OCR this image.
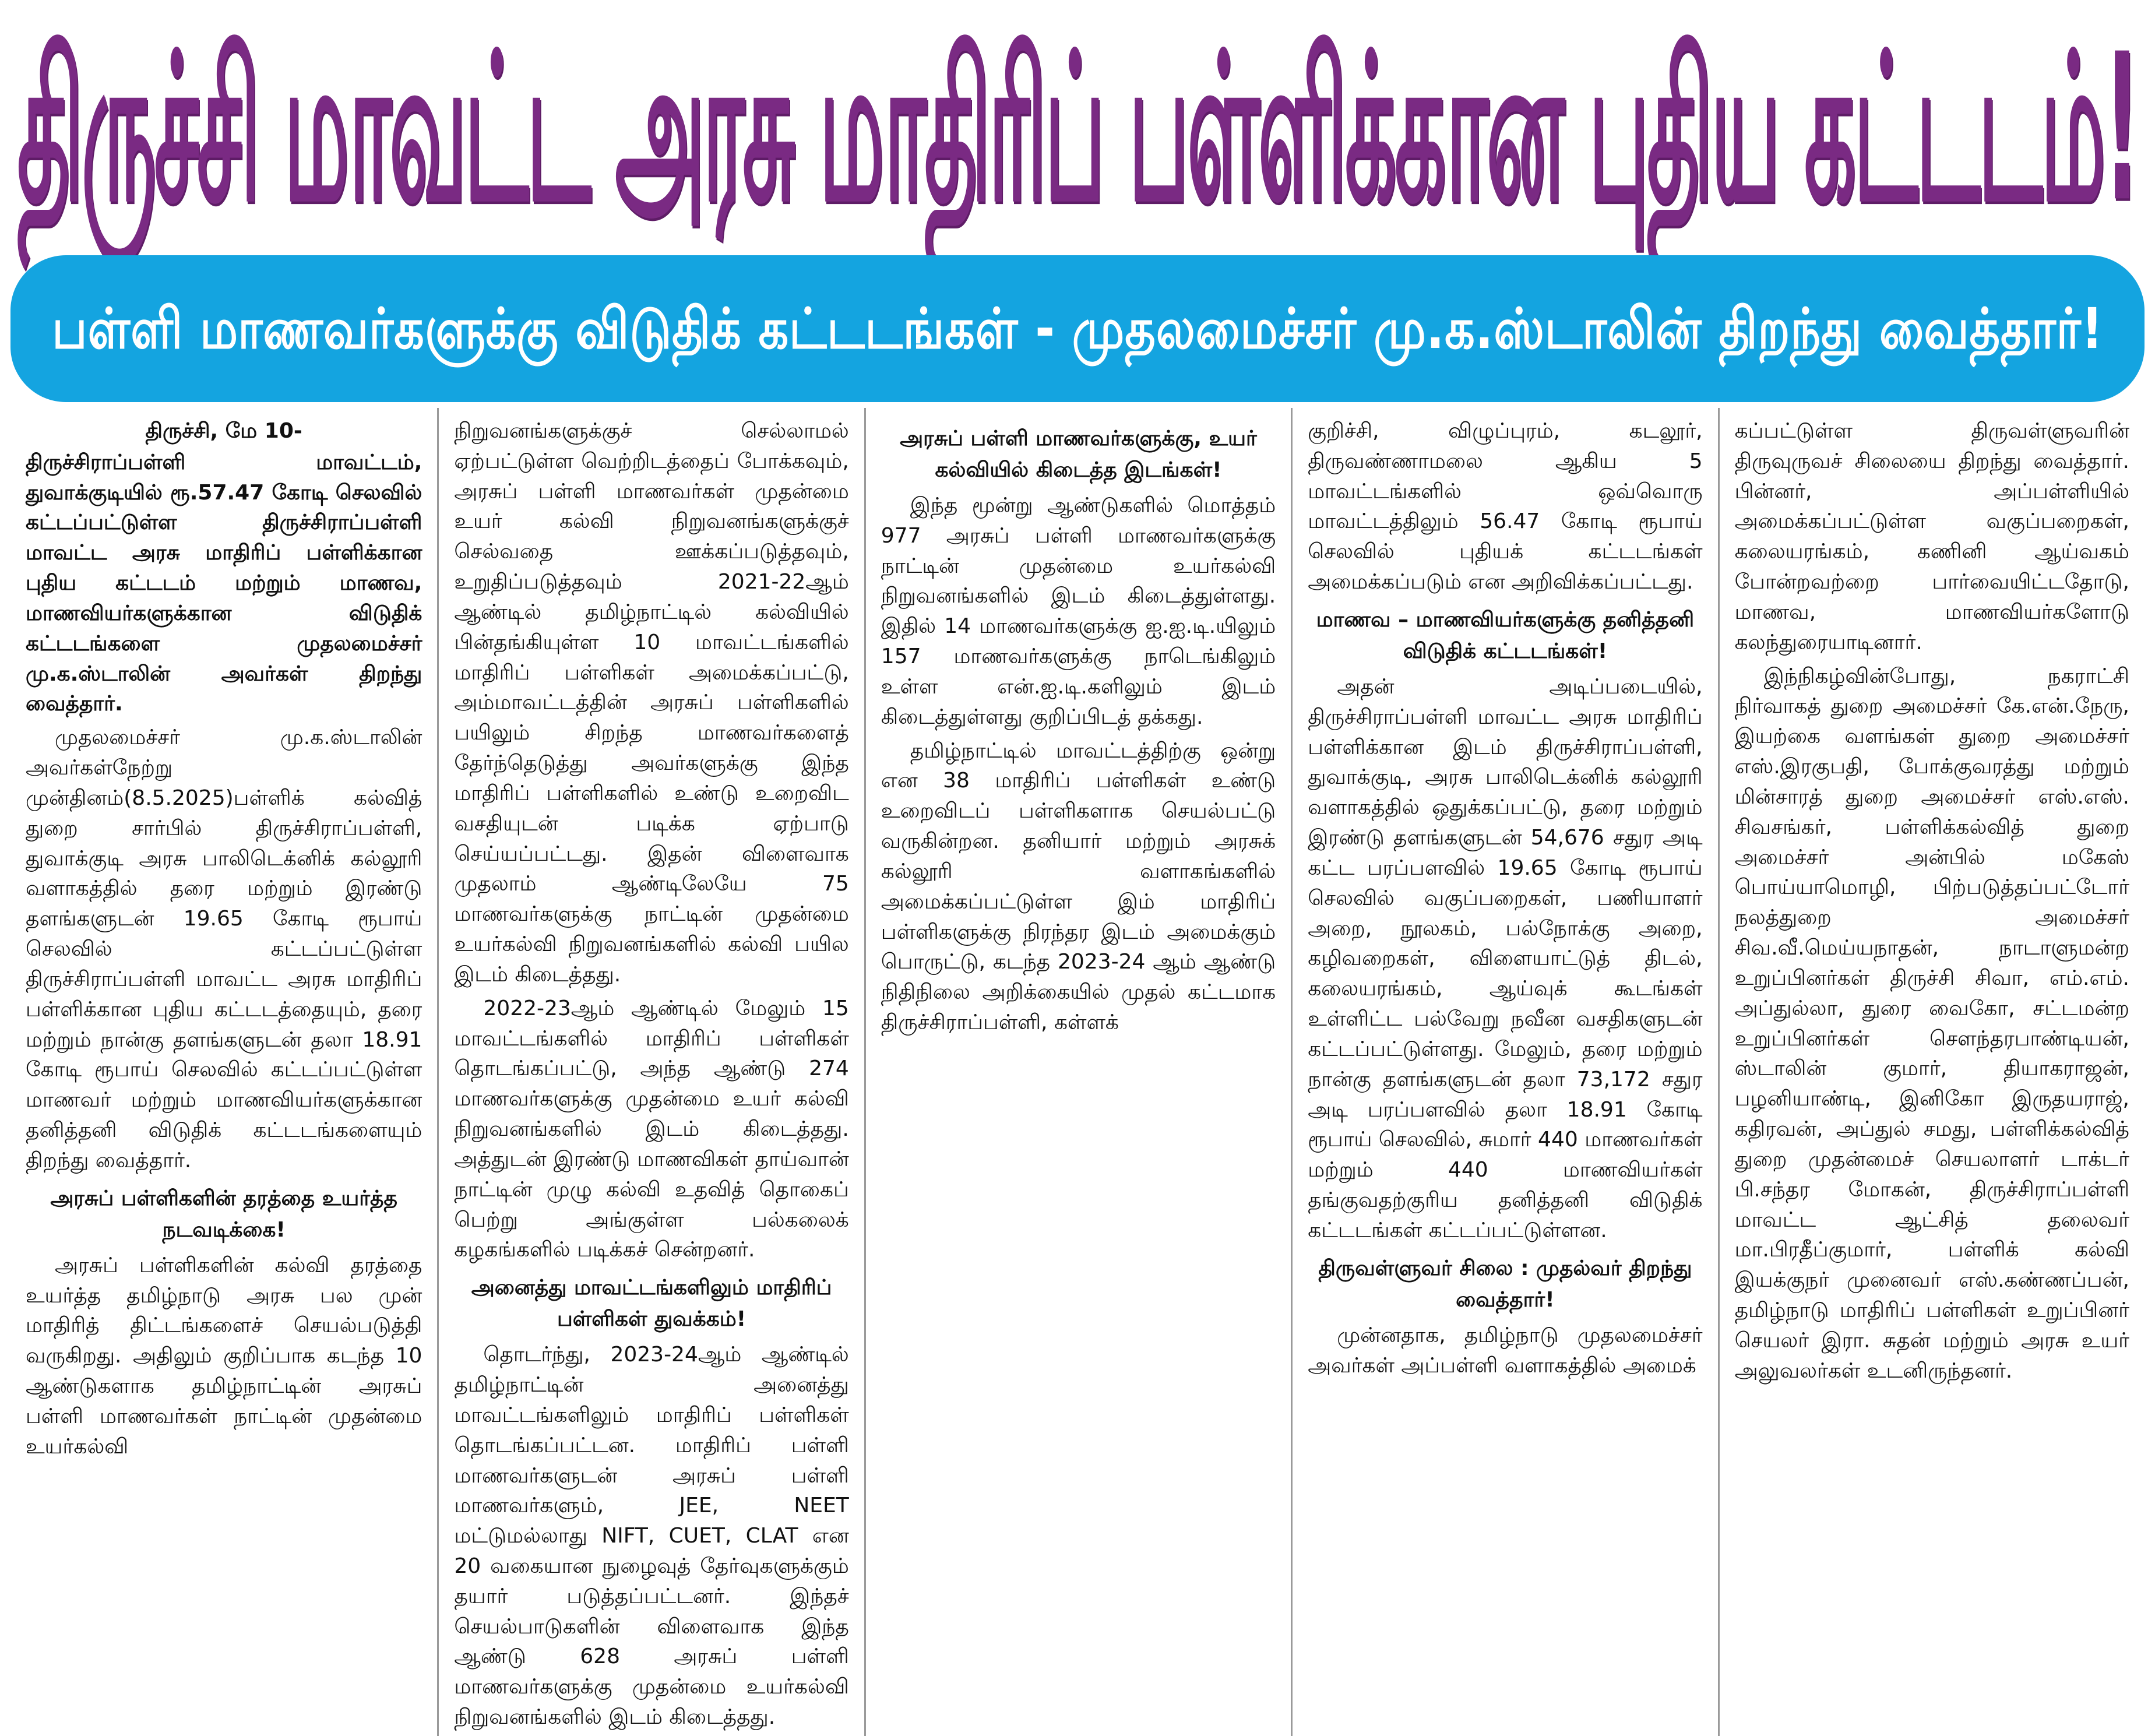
திருச்சி மாவட்ட அரசு மாதிரிப் பள்ளிக்கான புதிய கட்டடம்!
பள்ளி மாணவர்களுக்கு விடுதிக் கட்டடங்கள் - முதலமைச்சர் மு.க.ஸ்டாலின் திறந்து வைத்தார்!
திருச்சி, மே 10-

திருச்சிராப்பள்ளி மாவட்டம், துவாக்குடியில் ரூ.57.47 கோடி செலவில் கட்டப்பட்டுள்ள திருச்சிராப்பள்ளி மாவட்ட அரசு மாதிரிப் பள்ளிக்கான புதிய கட்டடம் மற்றும் மாணவ, மாணவியர்களுக்கான விடுதிக் கட்டடங்களை முதலமைச்சர் மு.க.ஸ்டாலின் அவர்கள் திறந்து வைத்தார்.

முதலமைச்சர் மு.க.ஸ்டாலின் அவர்கள்நேற்று முன்தினம்(8.5.2025)பள்ளிக் கல்வித் துறை சார்பில் திருச்சிராப்பள்ளி, துவாக்குடி அரசு பாலிடெக்னிக் கல்லூரி வளாகத்தில் தரை மற்றும் இரண்டு தளங்களுடன் 19.65 கோடி ரூபாய் செலவில் கட்டப்பட்டுள்ள திருச்சிராப்பள்ளி மாவட்ட அரசு மாதிரிப் பள்ளிக்கான புதிய கட்டடத்தையும், தரை மற்றும் நான்கு தளங்களுடன் தலா 18.91 கோடி ரூபாய் செலவில் கட்டப்பட்டுள்ள மாணவர் மற்றும் மாணவியர்களுக்கான தனித்தனி விடுதிக் கட்டடங்களையும் திறந்து வைத்தார்.

அரசுப் பள்ளிகளின் தரத்தை உயர்த்த நடவடிக்கை!

அரசுப் பள்ளிகளின் கல்வி தரத்தை உயர்த்த தமிழ்நாடு அரசு பல முன் மாதிரித் திட்டங்களைச் செயல்படுத்தி வருகிறது. அதிலும் குறிப்பாக கடந்த 10 ஆண்டுகளாக தமிழ்நாட்டின் அரசுப் பள்ளி மாணவர்கள் நாட்டின் முதன்மை உயர்கல்வி

நிறுவனங்களுக்குச் செல்லாமல் ஏற்பட்டுள்ள வெற்றிடத்தைப் போக்கவும், அரசுப் பள்ளி மாணவர்கள் முதன்மை உயர் கல்வி நிறுவனங்களுக்குச் செல்வதை ஊக்கப்படுத்தவும், உறுதிப்படுத்தவும் 2021-22ஆம் ஆண்டில் தமிழ்நாட்டில் கல்வியில் பின்தங்கியுள்ள 10 மாவட்டங்களில் மாதிரிப் பள்ளிகள் அமைக்கப்பட்டு, அம்மாவட்டத்தின் அரசுப் பள்ளிகளில் பயிலும் சிறந்த மாணவர்களைத் தேர்ந்தெடுத்து அவர்களுக்கு இந்த மாதிரிப் பள்ளிகளில் உண்டு உறைவிட வசதியுடன் படிக்க ஏற்பாடு செய்யப்பட்டது. இதன் விளைவாக முதலாம் ஆண்டிலேயே 75 மாணவர்களுக்கு நாட்டின் முதன்மை உயர்கல்வி நிறுவனங்களில் கல்வி பயில இடம் கிடைத்தது.

2022-23ஆம் ஆண்டில் மேலும் 15 மாவட்டங்களில் மாதிரிப் பள்ளிகள் தொடங்கப்பட்டு, அந்த ஆண்டு 274 மாணவர்களுக்கு முதன்மை உயர் கல்வி நிறுவனங்களில் இடம் கிடைத்தது. அத்துடன் இரண்டு மாணவிகள் தாய்வான் நாட்டின் முழு கல்வி உதவித் தொகைப் பெற்று அங்குள்ள பல்கலைக் கழகங்களில் படிக்கச் சென்றனர்.

அனைத்து மாவட்டங்களிலும் மாதிரிப் பள்ளிகள் துவக்கம்!

தொடர்ந்து, 2023-24ஆம் ஆண்டில் தமிழ்நாட்டின் அனைத்து மாவட்டங்களிலும் மாதிரிப் பள்ளிகள் தொடங்கப்பட்டன. மாதிரிப் பள்ளி மாணவர்களுடன் அரசுப் பள்ளி மாணவர்களும், JEE, NEET மட்டுமல்லாது NIFT, CUET, CLAT என 20 வகையான நுழைவுத் தேர்வுகளுக்கும் தயார் படுத்தப்பட்டனர். இந்தச் செயல்பாடுகளின் விளைவாக இந்த ஆண்டு 628 அரசுப் பள்ளி மாணவர்களுக்கு முதன்மை உயர்கல்வி நிறுவனங்களில் இடம் கிடைத்தது.

அரசுப் பள்ளி மாணவர்களுக்கு, உயர் கல்வியில் கிடைத்த இடங்கள்!

இந்த மூன்று ஆண்டுகளில் மொத்தம் 977 அரசுப் பள்ளி மாணவர்களுக்கு நாட்டின் முதன்மை உயர்கல்வி நிறுவனங்களில் இடம் கிடைத்துள்ளது. இதில் 14 மாணவர்களுக்கு ஐ.ஐ.டி.யிலும் 157 மாணவர்களுக்கு நாடெங்கிலும் உள்ள என்.ஐ.டி.களிலும் இடம் கிடைத்துள்ளது குறிப்பிடத் தக்கது.

தமிழ்நாட்டில் மாவட்டத்திற்கு ஒன்று என 38 மாதிரிப் பள்ளிகள் உண்டு உறைவிடப் பள்ளிகளாக செயல்பட்டு வருகின்றன. தனியார் மற்றும் அரசுக் கல்லூரி வளாகங்களில் அமைக்கப்பட்டுள்ள இம் மாதிரிப் பள்ளிகளுக்கு நிரந்தர இடம் அமைக்கும் பொருட்டு, கடந்த 2023-24 ஆம் ஆண்டு நிதிநிலை அறிக்கையில் முதல் கட்டமாக திருச்சிராப்பள்ளி, கள்ளக்

குறிச்சி, விழுப்புரம், கடலூர், திருவண்ணாமலை ஆகிய 5 மாவட்டங்களில் ஒவ்வொரு மாவட்டத்திலும் 56.47 கோடி ரூபாய் செலவில் புதியக் கட்டடங்கள் அமைக்கப்படும் என அறிவிக்கப்பட்டது.

மாணவ – மாணவியர்களுக்கு தனித்தனி விடுதிக் கட்டடங்கள்!

அதன் அடிப்படையில், திருச்சிராப்பள்ளி மாவட்ட அரசு மாதிரிப் பள்ளிக்கான இடம் திருச்சிராப்பள்ளி, துவாக்குடி, அரசு பாலிடெக்னிக் கல்லூரி வளாகத்தில் ஒதுக்கப்பட்டு, தரை மற்றும் இரண்டு தளங்களுடன் 54,676 சதுர அடி கட்ட பரப்பளவில் 19.65 கோடி ரூபாய் செலவில் வகுப்பறைகள், பணியாளர் அறை, நூலகம், பல்நோக்கு அறை, கழிவறைகள், விளையாட்டுத் திடல், கலையரங்கம், ஆய்வுக் கூடங்கள் உள்ளிட்ட பல்வேறு நவீன வசதிகளுடன் கட்டப்பட்டுள்ளது. மேலும், தரை மற்றும் நான்கு தளங்களுடன் தலா 73,172 சதுர அடி பரப்பளவில் தலா 18.91 கோடி ரூபாய் செலவில், சுமார் 440 மாணவர்கள் மற்றும் 440 மாணவியர்கள் தங்குவதற்குரிய தனித்தனி விடுதிக் கட்டடங்கள் கட்டப்பட்டுள்ளன.

திருவள்ளுவர் சிலை : முதல்வர் திறந்து வைத்தார்!

முன்னதாக, தமிழ்நாடு முதலமைச்சர் அவர்கள் அப்பள்ளி வளாகத்தில் அமைக்

கப்பட்டுள்ள திருவள்ளுவரின் திருவுருவச் சிலையை திறந்து வைத்தார். பின்னர், அப்பள்ளியில் அமைக்கப்பட்டுள்ள வகுப்பறைகள், கலையரங்கம், கணினி ஆய்வகம் போன்றவற்றை பார்வையிட்டதோடு, மாணவ, மாணவியர்களோடு கலந்துரையாடினார்.

இந்நிகழ்வின்போது, நகராட்சி நிர்வாகத் துறை அமைச்சர் கே.என்.நேரு, இயற்கை வளங்கள் துறை அமைச்சர் எஸ்.இரகுபதி, போக்குவரத்து மற்றும் மின்சாரத் துறை அமைச்சர் எஸ்.எஸ். சிவசங்கர், பள்ளிக்கல்வித் துறை அமைச்சர் அன்பில் மகேஸ் பொய்யாமொழி, பிற்படுத்தப்பட்டோர் நலத்துறை அமைச்சர் சிவ.வீ.மெய்யநாதன், நாடாளுமன்ற உறுப்பினர்கள் திருச்சி சிவா, எம்.எம். அப்துல்லா, துரை வைகோ, சட்டமன்ற உறுப்பினர்கள் சௌந்தரபாண்டியன், ஸ்டாலின் குமார், தியாகராஜன், பழனியாண்டி, இனிகோ இருதயராஜ், கதிரவன், அப்துல் சமது, பள்ளிக்கல்வித் துறை முதன்மைச் செயலாளர் டாக்டர் பி.சந்தர மோகன், திருச்சிராப்பள்ளி மாவட்ட ஆட்சித் தலைவர் மா.பிரதீப்குமார், பள்ளிக் கல்வி இயக்குநர் முனைவர் எஸ்.கண்ணப்பன், தமிழ்நாடு மாதிரிப் பள்ளிகள் உறுப்பினர் செயலர் இரா. சுதன் மற்றும் அரசு உயர் அலுவலர்கள் உடனிருந்தனர்.
